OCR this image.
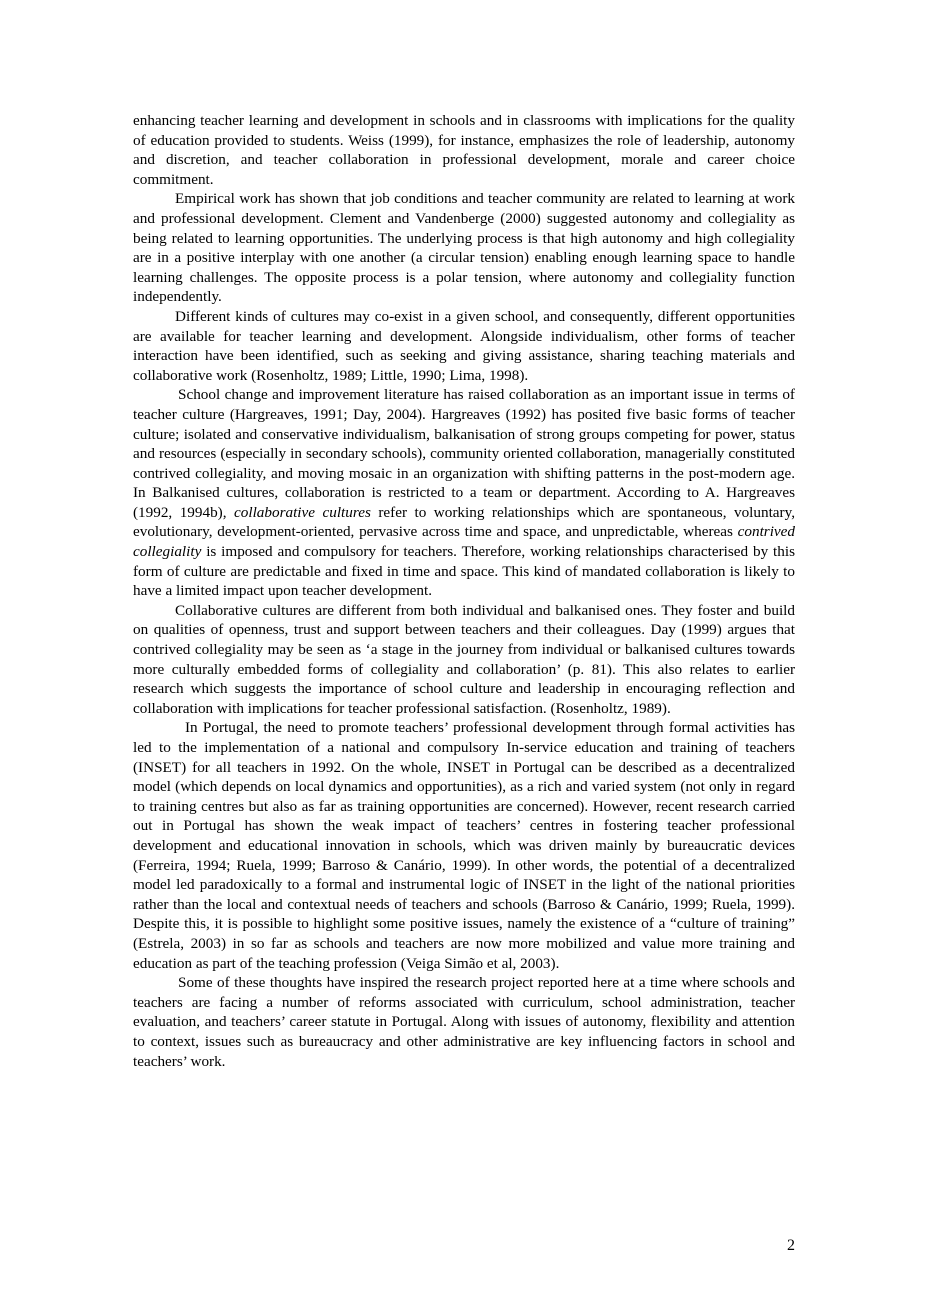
enhancing teacher learning and development in schools and in classrooms with implications for the quality of education provided to students. Weiss (1999), for instance, emphasizes the role of leadership, autonomy and discretion, and teacher collaboration in professional development, morale and career choice commitment.

Empirical work has shown that job conditions and teacher community are related to learning at work and professional development. Clement and Vandenberge (2000) suggested autonomy and collegiality as being related to learning opportunities. The underlying process is that high autonomy and high collegiality are in a positive interplay with one another (a circular tension) enabling enough learning space to handle learning challenges. The opposite process is a polar tension, where autonomy and collegiality function independently.

Different kinds of cultures may co-exist in a given school, and consequently, different opportunities are available for teacher learning and development. Alongside individualism, other forms of teacher interaction have been identified, such as seeking and giving assistance, sharing teaching materials and collaborative work (Rosenholtz, 1989; Little, 1990; Lima, 1998).

School change and improvement literature has raised collaboration as an important issue in terms of teacher culture (Hargreaves, 1991; Day, 2004). Hargreaves (1992) has posited five basic forms of teacher culture; isolated and conservative individualism, balkanisation of strong groups competing for power, status and resources (especially in secondary schools), community oriented collaboration, managerially constituted contrived collegiality, and moving mosaic in an organization with shifting patterns in the post-modern age. In Balkanised cultures, collaboration is restricted to a team or department. According to A. Hargreaves (1992, 1994b), collaborative cultures refer to working relationships which are spontaneous, voluntary, evolutionary, development-oriented, pervasive across time and space, and unpredictable, whereas contrived collegiality is imposed and compulsory for teachers. Therefore, working relationships characterised by this form of culture are predictable and fixed in time and space. This kind of mandated collaboration is likely to have a limited impact upon teacher development.

Collaborative cultures are different from both individual and balkanised ones. They foster and build on qualities of openness, trust and support between teachers and their colleagues. Day (1999) argues that contrived collegiality may be seen as ‘a stage in the journey from individual or balkanised cultures towards more culturally embedded forms of collegiality and collaboration’ (p. 81). This also relates to earlier research which suggests the importance of school culture and leadership in encouraging reflection and collaboration with implications for teacher professional satisfaction. (Rosenholtz, 1989).

In Portugal, the need to promote teachers’ professional development through formal activities has led to the implementation of a national and compulsory In-service education and training of teachers (INSET) for all teachers in 1992. On the whole, INSET in Portugal can be described as a decentralized model (which depends on local dynamics and opportunities), as a rich and varied system (not only in regard to training centres but also as far as training opportunities are concerned). However, recent research carried out in Portugal has shown the weak impact of teachers’ centres in fostering teacher professional development and educational innovation in schools, which was driven mainly by bureaucratic devices (Ferreira, 1994; Ruela, 1999; Barroso & Canário, 1999). In other words, the potential of a decentralized model led paradoxically to a formal and instrumental logic of INSET in the light of the national priorities rather than the local and contextual needs of teachers and schools (Barroso & Canário, 1999; Ruela, 1999). Despite this, it is possible to highlight some positive issues, namely the existence of a “culture of training” (Estrela, 2003) in so far as schools and teachers are now more mobilized and value more training and education as part of the teaching profession (Veiga Simão et al, 2003).

Some of these thoughts have inspired the research project reported here at a time where schools and teachers are facing a number of reforms associated with curriculum, school administration, teacher evaluation, and teachers’ career statute in Portugal. Along with issues of autonomy, flexibility and attention to context, issues such as bureaucracy and other administrative are key influencing factors in school and teachers’ work.

2
